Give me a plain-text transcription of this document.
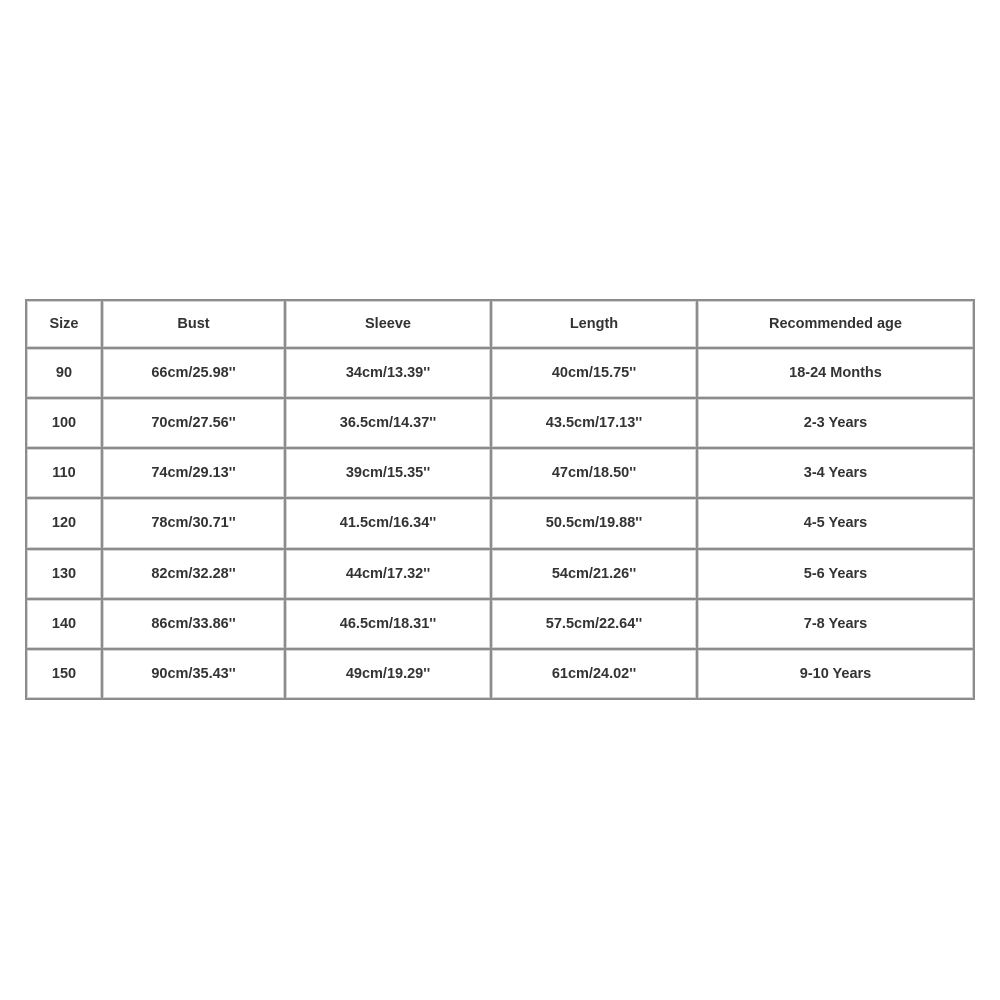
Size	Bust	Sleeve	Length	Recommended age
90	66cm/25.98''	34cm/13.39''	40cm/15.75''	18-24 Months
100	70cm/27.56''	36.5cm/14.37''	43.5cm/17.13''	2-3 Years
110	74cm/29.13''	39cm/15.35''	47cm/18.50''	3-4 Years
120	78cm/30.71''	41.5cm/16.34''	50.5cm/19.88''	4-5 Years
130	82cm/32.28''	44cm/17.32''	54cm/21.26''	5-6 Years
140	86cm/33.86''	46.5cm/18.31''	57.5cm/22.64''	7-8 Years
150	90cm/35.43''	49cm/19.29''	61cm/24.02''	9-10 Years
